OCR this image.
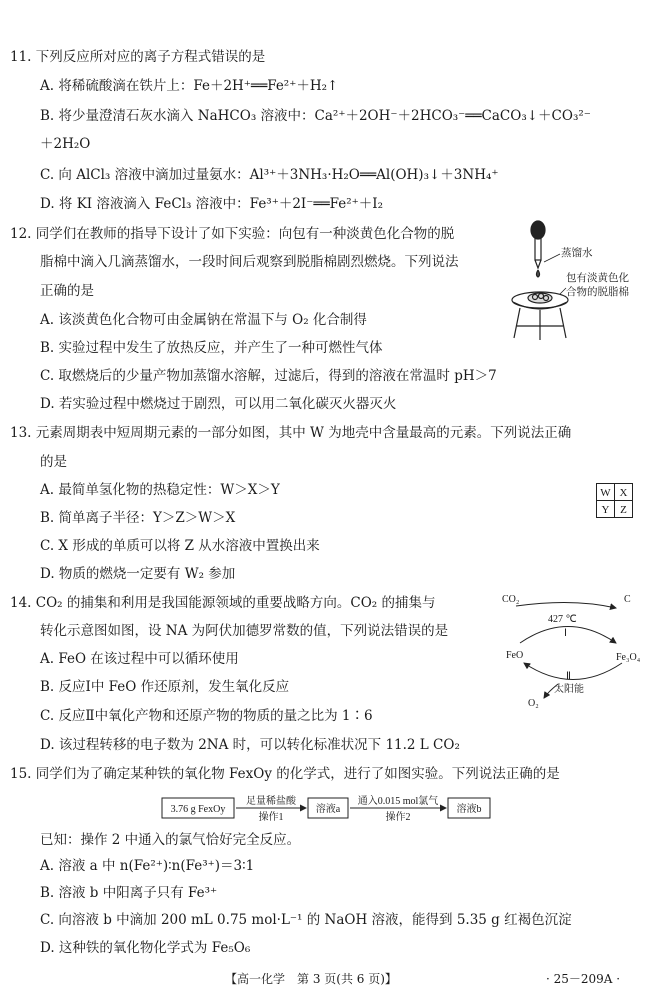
11. 下列反应所对应的离子方程式错误的是
A. 将稀硫酸滴在铁片上：Fe＋2H⁺══Fe²⁺＋H₂↑
B. 将少量澄清石灰水滴入 NaHCO₃ 溶液中：Ca²⁺＋2OH⁻＋2HCO₃⁻══CaCO₃↓＋CO₃²⁻
＋2H₂O
C. 向 AlCl₃ 溶液中滴加过量氨水：Al³⁺＋3NH₃·H₂O══Al(OH)₃↓＋3NH₄⁺
D. 将 KI 溶液滴入 FeCl₃ 溶液中：Fe³⁺＋2I⁻══Fe²⁺＋I₂
12. 同学们在教师的指导下设计了如下实验：向包有一种淡黄色化合物的脱
脂棉中滴入几滴蒸馏水，一段时间后观察到脱脂棉剧烈燃烧。下列说法
正确的是
A. 该淡黄色化合物可由金属钠在常温下与 O₂ 化合制得
B. 实验过程中发生了放热反应，并产生了一种可燃性气体
C. 取燃烧后的少量产物加蒸馏水溶解，过滤后，得到的溶液在常温时 pH＞7
D. 若实验过程中燃烧过于剧烈，可以用二氧化碳灭火器灭火
蒸馏水
包有淡黄色化
合物的脱脂棉
13. 元素周期表中短周期元素的一部分如图，其中 W 为地壳中含量最高的元素。下列说法正确
的是
A. 最简单氢化物的热稳定性：W＞X＞Y
B. 简单离子半径：Y＞Z＞W＞X
C. X 形成的单质可以将 Z 从水溶液中置换出来
D. 物质的燃烧一定要有 W₂ 参加
W X
Y Z
14. CO₂ 的捕集和利用是我国能源领域的重要战略方向。CO₂ 的捕集与
转化示意图如图，设 NA 为阿伏加德罗常数的值，下列说法错误的是
A. FeO 在该过程中可以循环使用
B. 反应Ⅰ中 FeO 作还原剂，发生氧化反应
C. 反应Ⅱ中氧化产物和还原产物的物质的量之比为 1∶6
D. 该过程转移的电子数为 2NA 时，可以转化标准状况下 11.2 L CO₂
CO₂	C
427 ℃
Ⅰ
FeO	Fe₃O₄
Ⅱ
太阳能
O₂
15. 同学们为了确定某种铁的氧化物 FexOy 的化学式，进行了如图实验。下列说法正确的是
3.76 g FexOy
足量稀盐酸
操作1
溶液a
通入0.015 mol氯气
操作2
溶液b
已知：操作 2 中通入的氯气恰好完全反应。
A. 溶液 a 中 n(Fe²⁺)∶n(Fe³⁺)＝3∶1
B. 溶液 b 中阳离子只有 Fe³⁺
C. 向溶液 b 中滴加 200 mL 0.75 mol·L⁻¹ 的 NaOH 溶液，能得到 5.35 g 红褐色沉淀
D. 这种铁的氧化物化学式为 Fe₅O₆
【高一化学　第 3 页(共 6 页)】	· 25－209A ·
